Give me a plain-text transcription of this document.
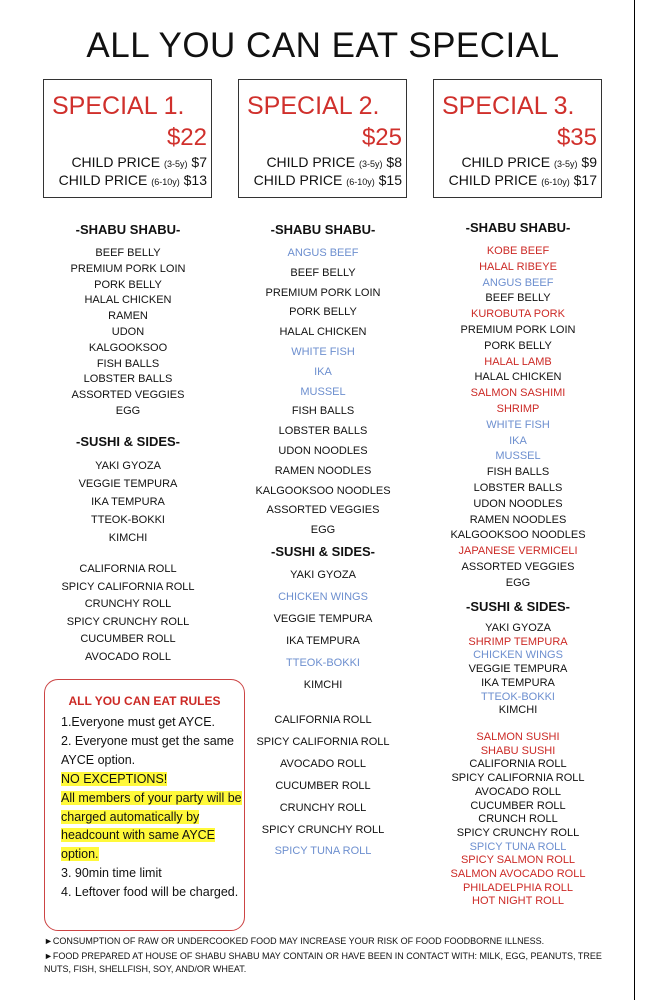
ALL YOU CAN EAT SPECIAL
SPECIAL 1.
$22
CHILD PRICE (3-5y) $7
CHILD PRICE (6-10y) $13
SPECIAL 2.
$25
CHILD PRICE (3-5y) $8
CHILD PRICE (6-10y) $15
SPECIAL 3.
$35
CHILD PRICE (3-5y) $9
CHILD PRICE (6-10y) $17
-SHABU SHABU-
-SUSHI & SIDES-
BEEF BELLY
PREMIUM PORK LOIN
PORK BELLY
HALAL CHICKEN
RAMEN
UDON
KALGOOKSOO
FISH BALLS
LOBSTER BALLS
ASSORTED VEGGIES
EGG
YAKI GYOZA
VEGGIE TEMPURA
IKA TEMPURA
TTEOK-BOKKI
KIMCHI
CALIFORNIA ROLL
SPICY CALIFORNIA ROLL
CRUNCHY ROLL
SPICY CRUNCHY ROLL
CUCUMBER ROLL
AVOCADO ROLL
-SHABU SHABU-
-SUSHI & SIDES-
ANGUS BEEF
BEEF BELLY
PREMIUM PORK LOIN
PORK BELLY
HALAL CHICKEN
WHITE FISH
IKA
MUSSEL
FISH BALLS
LOBSTER BALLS
UDON NOODLES
RAMEN NOODLES
KALGOOKSOO NOODLES
ASSORTED VEGGIES
EGG
YAKI GYOZA
CHICKEN WINGS
VEGGIE TEMPURA
IKA TEMPURA
TTEOK-BOKKI
KIMCHI
CALIFORNIA ROLL
SPICY CALIFORNIA ROLL
AVOCADO ROLL
CUCUMBER ROLL
CRUNCHY ROLL
SPICY CRUNCHY ROLL
SPICY TUNA ROLL
-SHABU SHABU-
-SUSHI & SIDES-
KOBE BEEF
HALAL RIBEYE
ANGUS BEEF
BEEF BELLY
KUROBUTA PORK
PREMIUM PORK LOIN
PORK BELLY
HALAL LAMB
HALAL CHICKEN
SALMON SASHIMI
SHRIMP
WHITE FISH
IKA
MUSSEL
FISH BALLS
LOBSTER BALLS
UDON NOODLES
RAMEN NOODLES
KALGOOKSOO NOODLES
JAPANESE VERMICELI
ASSORTED VEGGIES
EGG
YAKI GYOZA
SHRIMP TEMPURA
CHICKEN WINGS
VEGGIE TEMPURA
IKA TEMPURA
TTEOK-BOKKI
KIMCHI
SALMON SUSHI
SHABU SUSHI
CALIFORNIA ROLL
SPICY CALIFORNIA ROLL
AVOCADO ROLL
CUCUMBER ROLL
CRUNCH ROLL
SPICY CRUNCHY ROLL
SPICY TUNA ROLL
SPICY SALMON ROLL
SALMON AVOCADO ROLL
PHILADELPHIA ROLL
HOT NIGHT ROLL
ALL YOU CAN EAT RULES
1.Everyone must get AYCE.
2. Everyone must get the same AYCE option.
NO EXCEPTIONS!
All members of your party will be charged automatically by headcount with same AYCE option.
3. 90min time limit
4. Leftover food will be charged.
►CONSUMPTION OF RAW OR UNDERCOOKED FOOD MAY INCREASE YOUR RISK OF FOOD FOODBORNE ILLNESS.
►FOOD PREPARED AT HOUSE OF SHABU SHABU MAY CONTAIN OR HAVE BEEN IN CONTACT WITH: MILK, EGG, PEANUTS, TREE
NUTS, FISH, SHELLFISH, SOY, AND/OR WHEAT.
